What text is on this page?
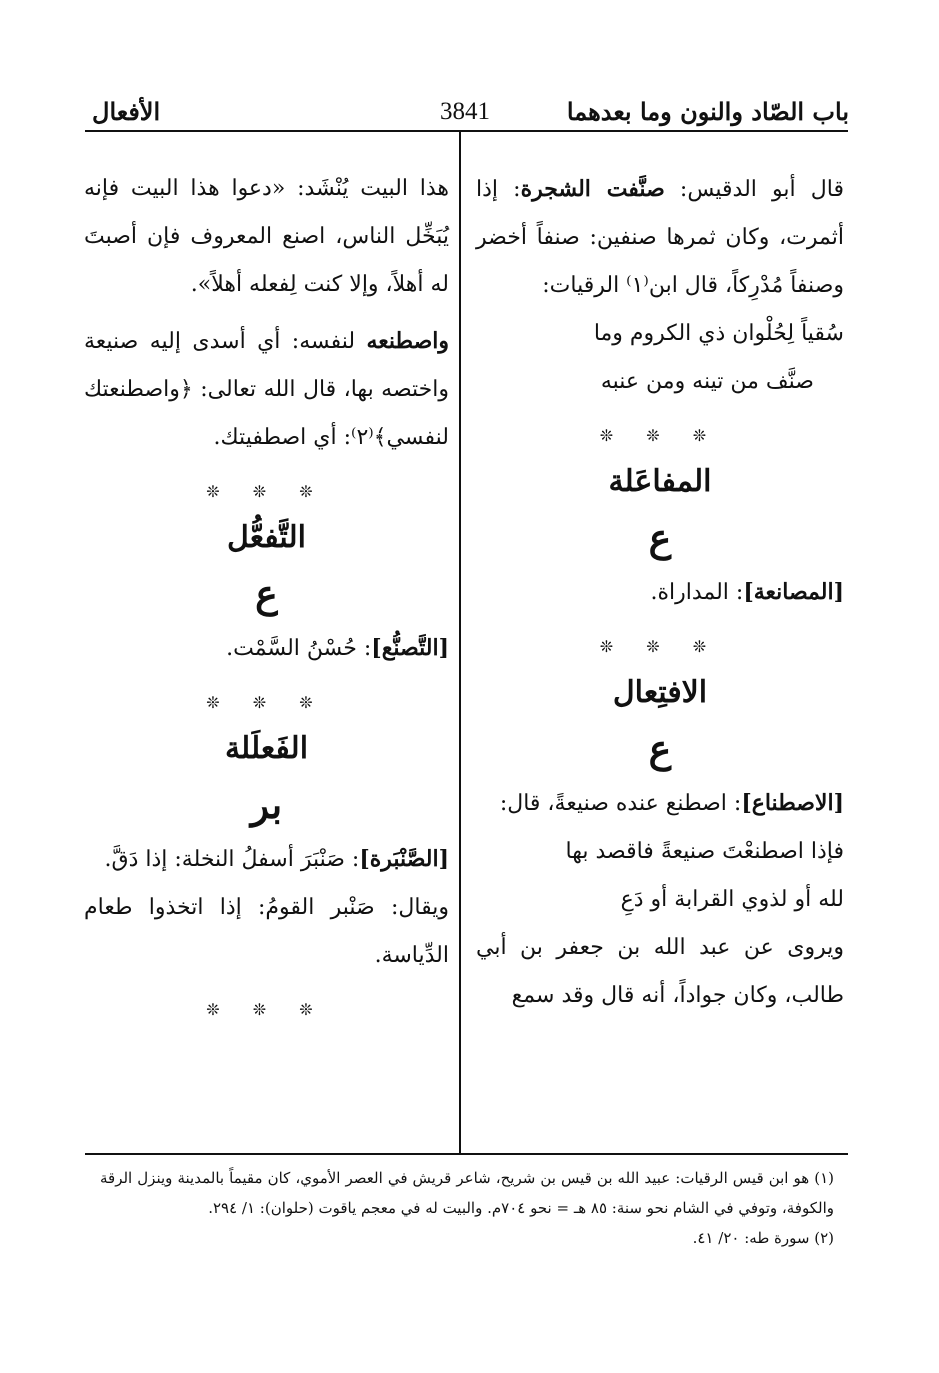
باب الصّاد والنون وما بعدهما
3841
الأفعال

قال أبو الدقيس: صنَّفت الشجرة: إذا أثمرت، وكان ثمرها صنفين: صنفاً أخضر وصنفاً مُدْرِكاً، قال ابن⁽١⁾ الرقيات:

سُقياً لِحُلْوان ذي الكروم وما

صنَّف من تينه ومن عنبه

❊ ❊ ❊
المفاعَلة
ع

[المصانعة]: المداراة.

❊ ❊ ❊
الافتِعال
ع

[الاصطناع]: اصطنع عنده صنيعةً، قال:

فإذا اصطنعْتَ صنيعةً فاقصد بها

لله أو لذوي القرابة أو دَعِ

ويروى عن عبد الله بن جعفر بن أبي طالب، وكان جواداً، أنه قال وقد سمع

هذا البيت يُنْشَد: «دعوا هذا البيت فإنه يُبَخِّل الناس، اصنع المعروف فإن أصبتَ له أهلاً، وإلا كنت لِفعله أهلاً».

واصطنعه لنفسه: أي أسدى إليه صنيعة واختصه بها، قال الله تعالى: ﴿واصطنعتك لنفسي﴾⁽٢⁾: أي اصطفيتك.

❊ ❊ ❊
التَّفعُّل
ع

[التَّصنُّع]: حُسْنُ السَّمْت.

❊ ❊ ❊
الفَعلَلة
بر

[الصَّنْبَرة]: صَنْبَرَ أسفلُ النخلة: إذا دَقَّ.

ويقال: صَنْبر القومُ: إذا اتخذوا طعام الدِّياسة.

❊ ❊ ❊

(١) هو ابن قيس الرقيات: عبيد الله بن قيس بن شريح، شاعر قريش في العصر الأموي، كان مقيماً بالمدينة وينزل الرقة والكوفة، وتوفي في الشام نحو سنة: ٨٥ هـ = نحو ٧٠٤م. والبيت له في معجم ياقوت (حلوان): ١/ ٢٩٤.

(٢) سورة طه: ٢٠/ ٤١.
